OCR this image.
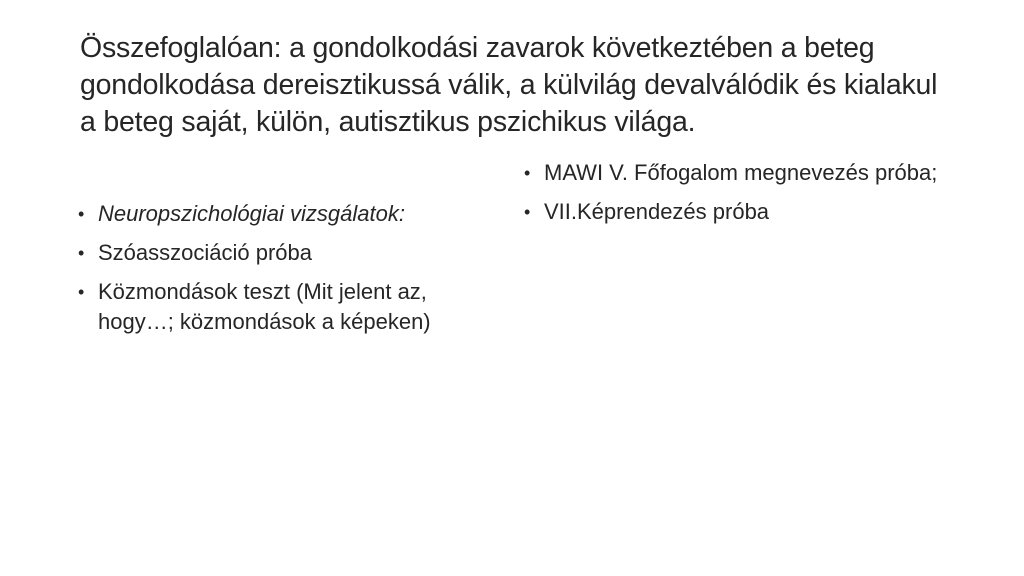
Összefoglalóan: a gondolkodási zavarok következtében a beteg gondolkodása dereisztikussá válik, a külvilág devalválódik és kialakul a beteg saját, külön, autisztikus pszichikus világa.
• Neuropszichológiai vizsgálatok:
• Szóasszociáció próba
• Közmondások teszt (Mit jelent az, hogy…; közmondások a képeken)
• MAWI V. Főfogalom megnevezés próba;
• VII.Képrendezés próba
